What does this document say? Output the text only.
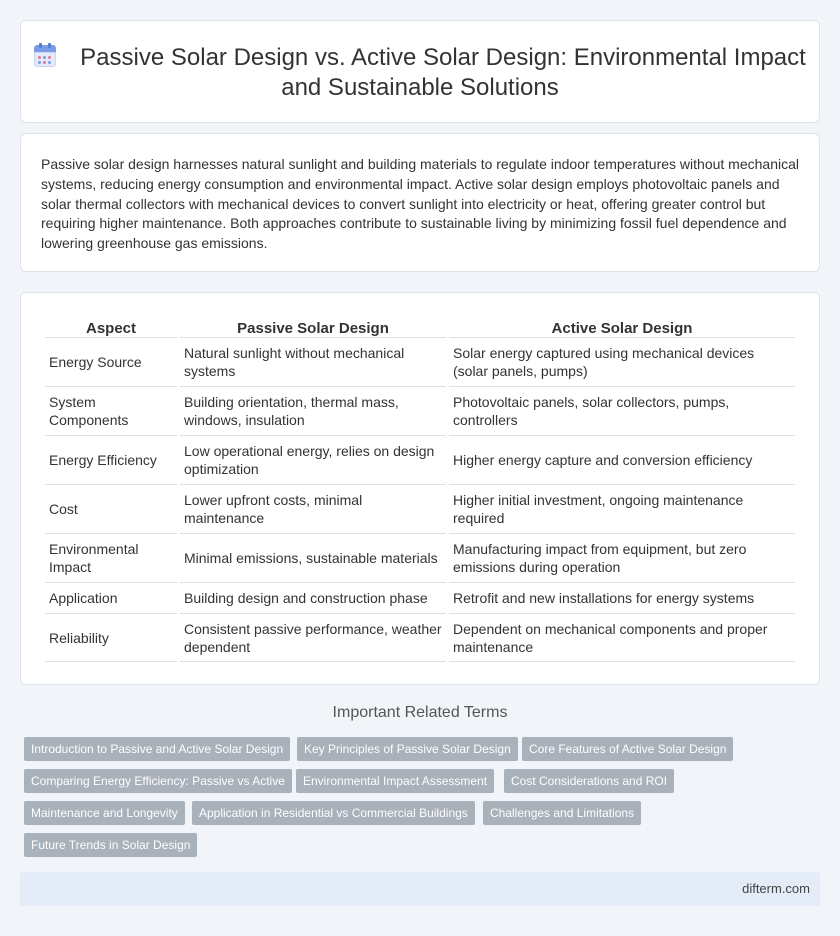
Passive Solar Design vs. Active Solar Design: Environmental Impact and Sustainable Solutions

Passive solar design harnesses natural sunlight and building materials to regulate indoor temperatures without mechanical systems, reducing energy consumption and environmental impact. Active solar design employs photovoltaic panels and solar thermal collectors with mechanical devices to convert sunlight into electricity or heat, offering greater control but requiring higher maintenance. Both approaches contribute to sustainable living by minimizing fossil fuel dependence and lowering greenhouse gas emissions.

Aspect	Passive Solar Design	Active Solar Design
Energy Source	Natural sunlight without mechanical systems	Solar energy captured using mechanical devices (solar panels, pumps)
System Components	Building orientation, thermal mass, windows, insulation	Photovoltaic panels, solar collectors, pumps, controllers
Energy Efficiency	Low operational energy, relies on design optimization	Higher energy capture and conversion efficiency
Cost	Lower upfront costs, minimal maintenance	Higher initial investment, ongoing maintenance required
Environmental Impact	Minimal emissions, sustainable materials	Manufacturing impact from equipment, but zero emissions during operation
Application	Building design and construction phase	Retrofit and new installations for energy systems
Reliability	Consistent passive performance, weather dependent	Dependent on mechanical components and proper maintenance
Important Related Terms
Introduction to Passive and Active Solar Design	Key Principles of Passive Solar Design	Core Features of Active Solar Design
Comparing Energy Efficiency: Passive vs Active	Environmental Impact Assessment	Cost Considerations and ROI
Maintenance and Longevity	Application in Residential vs Commercial Buildings	Challenges and Limitations
Future Trends in Solar Design
difterm.com
